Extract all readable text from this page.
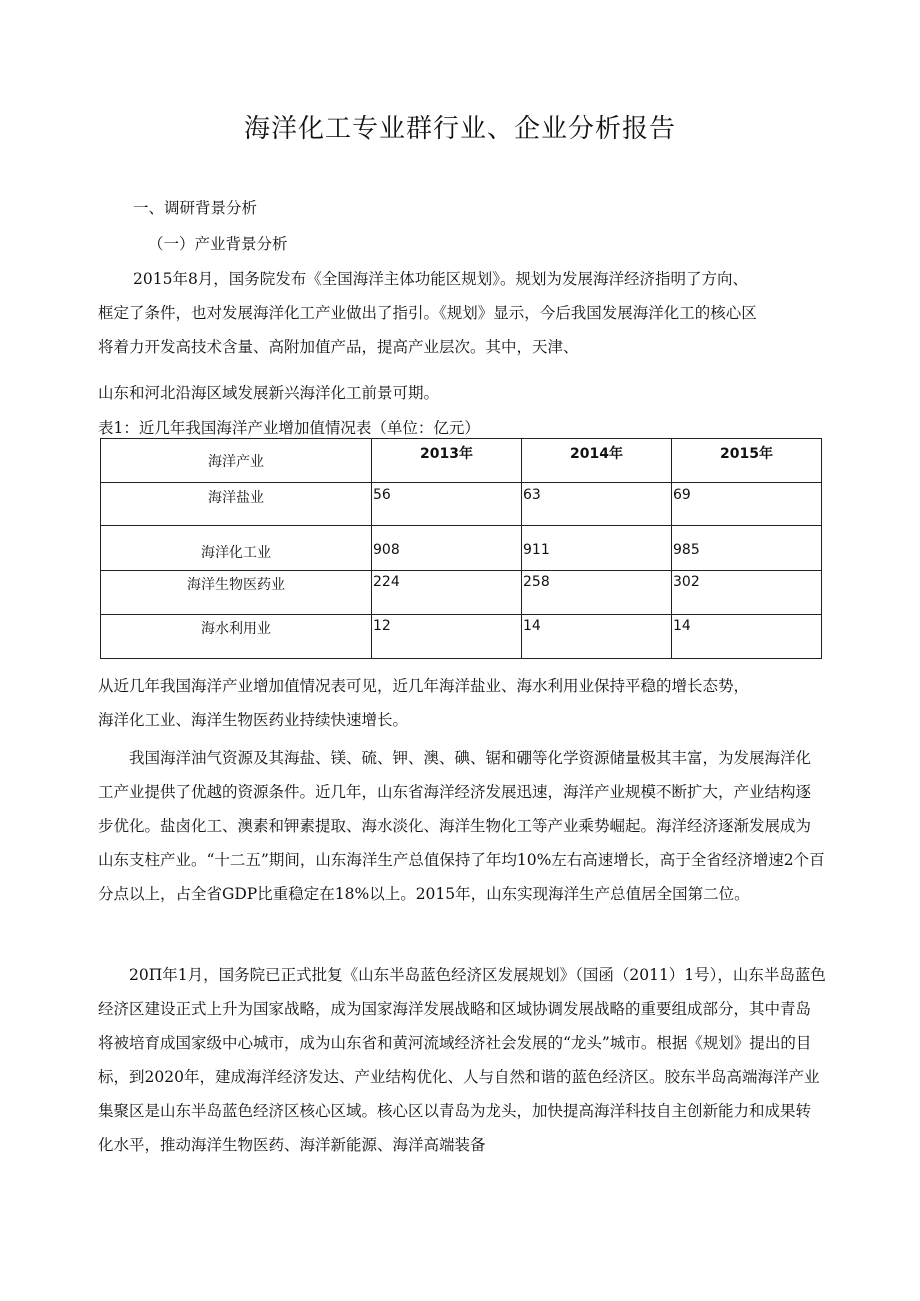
海洋化工专业群行业、企业分析报告
一、调研背景分析
（一）产业背景分析
2015年8月，国务院发布《全国海洋主体功能区规划》。规划为发展海洋经济指明了方向、
框定了条件，也对发展海洋化工产业做出了指引。《规划》显示，今后我国发展海洋化工的核心区
将着力开发高技术含量、高附加值产品，提高产业层次。其中，天津、
山东和河北沿海区域发展新兴海洋化工前景可期。
表1：近几年我国海洋产业增加值情况表（单位：亿元）
海洋产业	2013年	2014年	2015年
海洋盐业	56	63	69
海洋化工业	908	911	985
海洋生物医药业	224	258	302
海水利用业	12	14	14
从近几年我国海洋产业增加值情况表可见，近几年海洋盐业、海水利用业保持平稳的增长态势，
海洋化工业、海洋生物医药业持续快速增长。

我国海洋油气资源及其海盐、镁、硫、钾、澳、碘、锯和硼等化学资源储量极其丰富，为发展海洋化工产业提供了优越的资源条件。近几年，山东省海洋经济发展迅速，海洋产业规模不断扩大，产业结构逐步优化。盐卤化工、澳素和钾素提取、海水淡化、海洋生物化工等产业乘势崛起。海洋经济逐渐发展成为山东支柱产业。“十二五”期间，山东海洋生产总值保持了年均10%左右高速增长，高于全省经济增速2个百分点以上，占全省GDP比重稳定在18%以上。2015年，山东实现海洋生产总值居全国第二位。

20П年1月，国务院已正式批复《山东半岛蓝色经济区发展规划》（国函（2011）1号），山东半岛蓝色经济区建设正式上升为国家战略，成为国家海洋发展战略和区域协调发展战略的重要组成部分，其中青岛将被培育成国家级中心城市，成为山东省和黄河流域经济社会发展的“龙头”城市。根据《规划》提出的目标，到2020年，建成海洋经济发达、产业结构优化、人与自然和谐的蓝色经济区。胶东半岛高端海洋产业集聚区是山东半岛蓝色经济区核心区域。核心区以青岛为龙头，加快提高海洋科技自主创新能力和成果转化水平，推动海洋生物医药、海洋新能源、海洋高端装备
